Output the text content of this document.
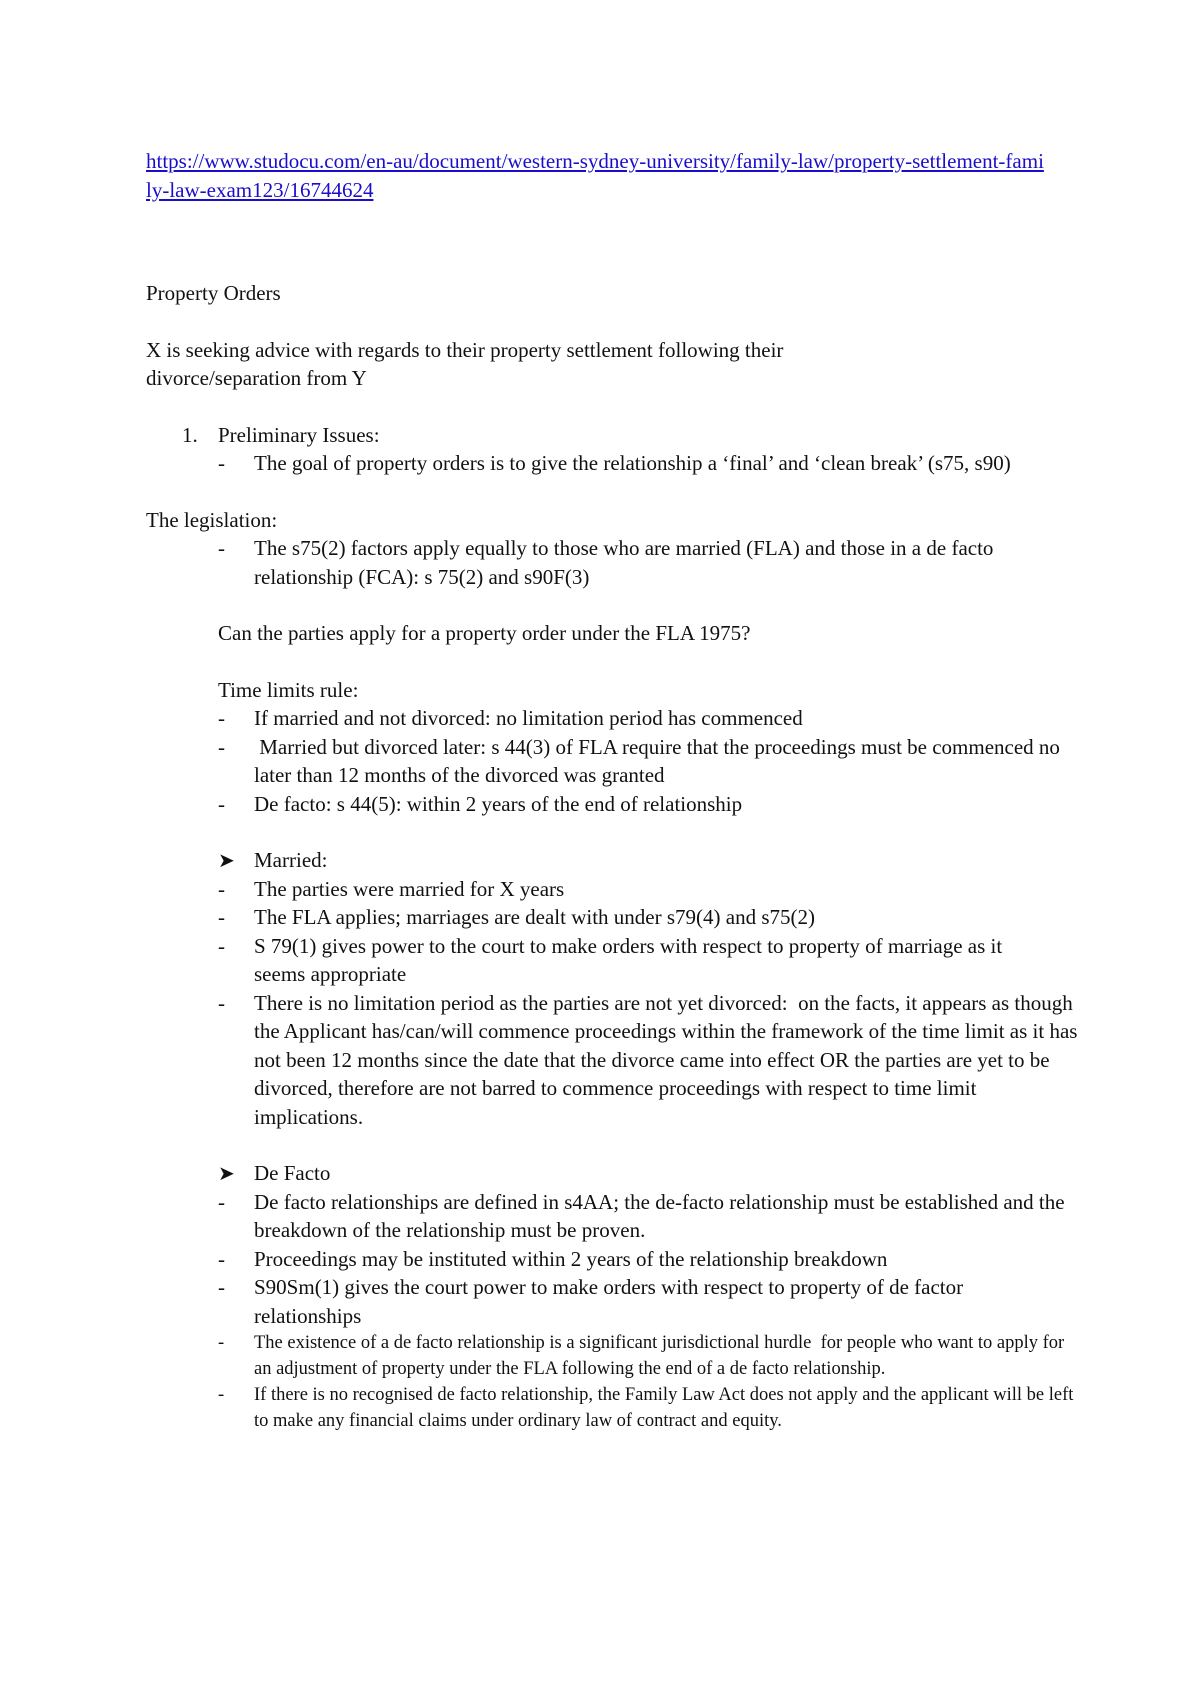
https://www.studocu.com/en-au/document/western-sydney-university/family-law/property-settlement-family-law-exam123/16744624

Property Orders

X is seeking advice with regards to their property settlement following their divorce/separation from Y

1. Preliminary Issues:
-	The goal of property orders is to give the relationship a ‘final’ and ‘clean break’ (s75, s90)

The legislation:

-	The s75(2) factors apply equally to those who are married (FLA) and those in a de facto relationship (FCA): s 75(2) and s90F(3)

Can the parties apply for a property order under the FLA 1975?

Time limits rule:

-	If married and not divorced: no limitation period has commenced
-	Married but divorced later: s 44(3) of FLA require that the proceedings must be commenced no later than 12 months of the divorced was granted
-	De facto: s 44(5): within 2 years of the end of relationship
➤ Married:
-	The parties were married for X years
-	The FLA applies; marriages are dealt with under s79(4) and s75(2)
-	S 79(1) gives power to the court to make orders with respect to property of marriage as it seems appropriate
-	There is no limitation period as the parties are not yet divorced:  on the facts, it appears as though the Applicant has/can/will commence proceedings within the framework of the time limit as it has not been 12 months since the date that the divorce came into effect OR the parties are yet to be divorced, therefore are not barred to commence proceedings with respect to time limit implications.
➤ De Facto
-	De facto relationships are defined in s4AA; the de-facto relationship must be established and the breakdown of the relationship must be proven.
-	Proceedings may be instituted within 2 years of the relationship breakdown
-	S90Sm(1) gives the court power to make orders with respect to property of de factor relationships
-	The existence of a de facto relationship is a significant jurisdictional hurdle  for people who want to apply for an adjustment of property under the FLA following the end of a de facto relationship.
-	If there is no recognised de facto relationship, the Family Law Act does not apply and the applicant will be left to make any financial claims under ordinary law of contract and equity.
